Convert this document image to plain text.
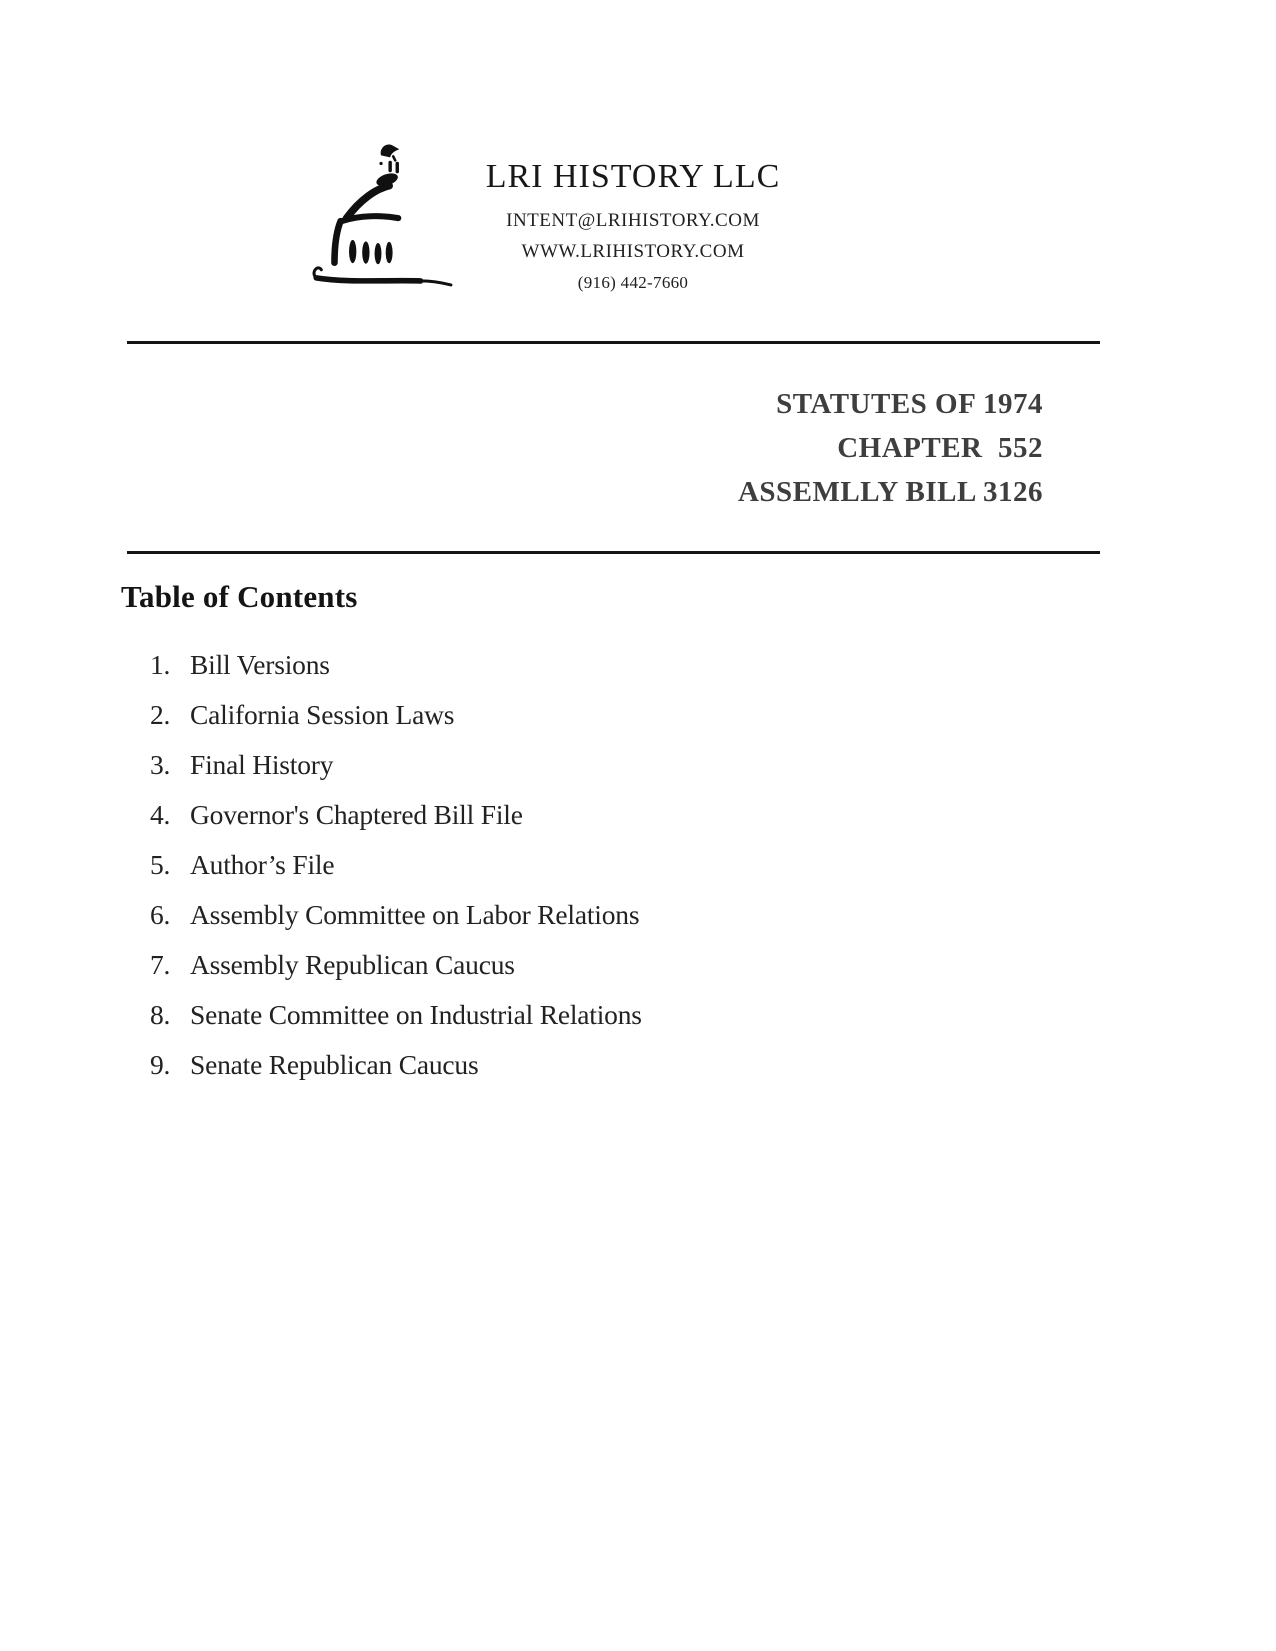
LRI HISTORY LLC
INTENT@LRIHISTORY.COM
WWW.LRIHISTORY.COM
(916) 442-7660
STATUTES OF 1974
CHAPTER  552
ASSEMLLY BILL 3126
Table of Contents
1. Bill Versions
2. California Session Laws
3. Final History
4. Governor's Chaptered Bill File
5. Author’s File
6. Assembly Committee on Labor Relations
7. Assembly Republican Caucus
8. Senate Committee on Industrial Relations
9. Senate Republican Caucus
